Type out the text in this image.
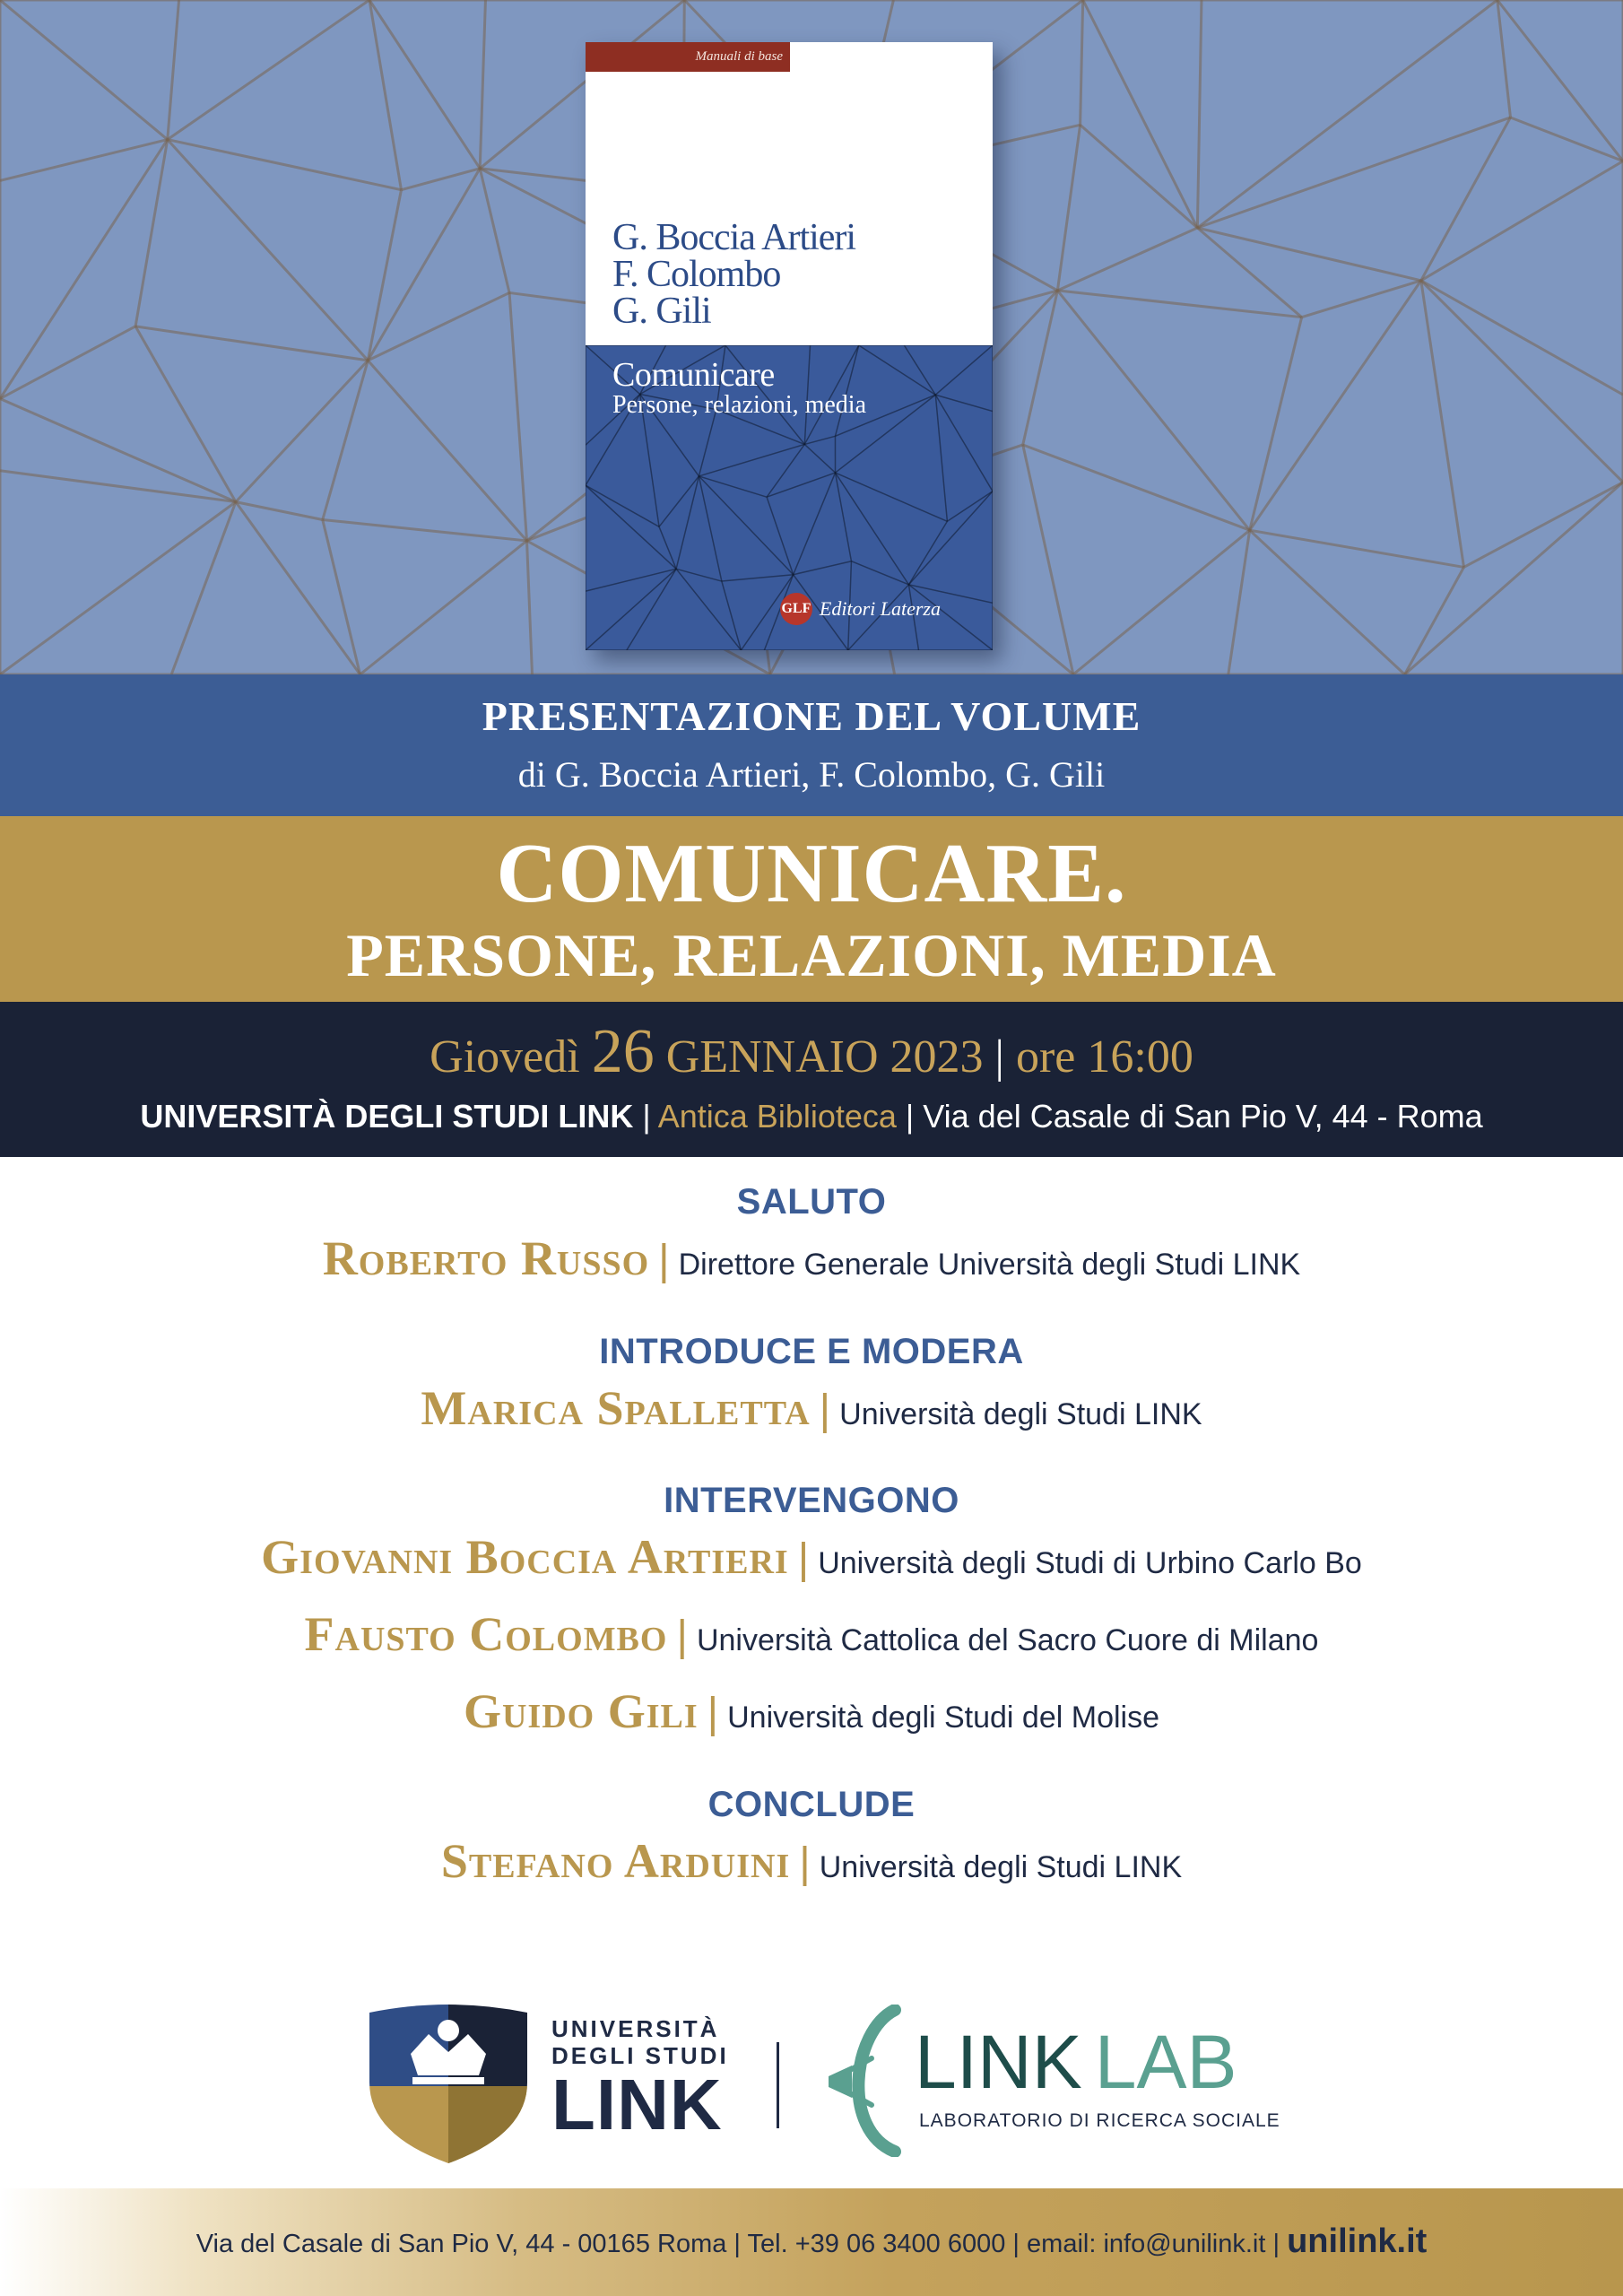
Manuali di base
G. Boccia Artieri
F. Colombo
G. Gili
Comunicare
Persone, relazioni, media
GLF Editori Laterza
PRESENTAZIONE DEL VOLUME
di G. Boccia Artieri, F. Colombo, G. Gili
COMUNICARE.
PERSONE, RELAZIONI, MEDIA
Giovedì 26 GENNAIO 2023 | ore 16:00
UNIVERSITÀ DEGLI STUDI LINK | Antica Biblioteca | Via del Casale di San Pio V, 44 - Roma
SALUTO
Roberto Russo | Direttore Generale Università degli Studi LINK
INTRODUCE E MODERA
Marica Spalletta | Università degli Studi LINK
INTERVENGONO
Giovanni Boccia Artieri | Università degli Studi di Urbino Carlo Bo
Fausto Colombo | Università Cattolica del Sacro Cuore di Milano
Guido Gili | Università degli Studi del Molise
CONCLUDE
Stefano Arduini | Università degli Studi LINK
UNIVERSITÀ
DEGLI STUDI
LINK
LINK LAB
LABORATORIO DI RICERCA SOCIALE
Via del Casale di San Pio V, 44 - 00165 Roma | Tel. +39 06 3400 6000 | email: info@unilink.it | unilink.it
